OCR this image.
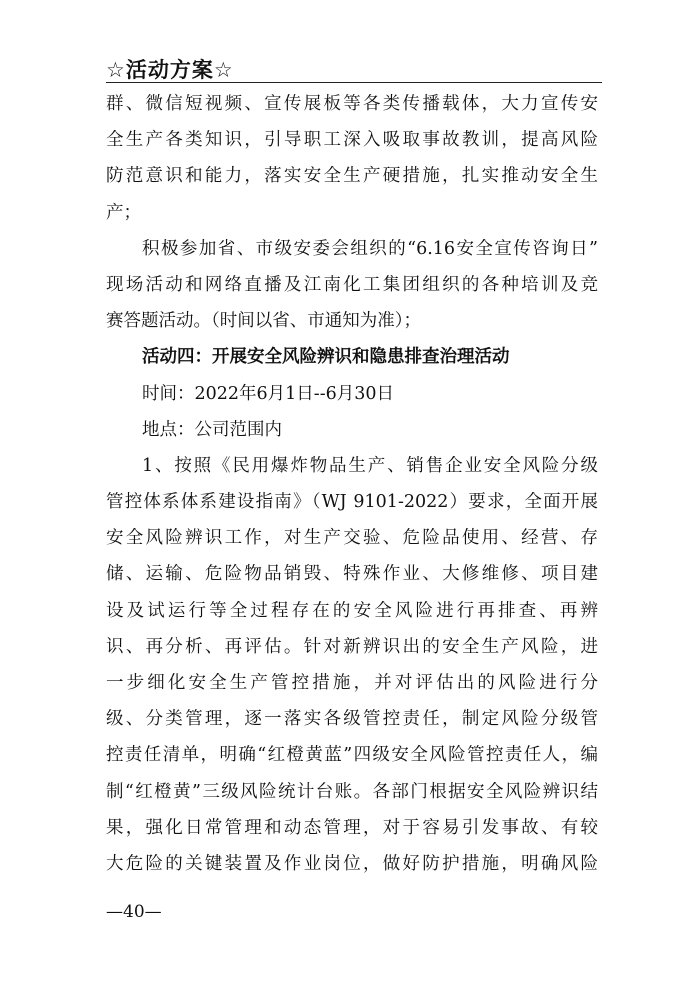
☆活动方案☆
群、微信短视频、宣传展板等各类传播载体，大力宣传安
全生产各类知识，引导职工深入吸取事故教训，提高风险
防范意识和能力，落实安全生产硬措施，扎实推动安全生
产；
积极参加省、市级安委会组织的“6.16安全宣传咨询日”
现场活动和网络直播及江南化工集团组织的各种培训及竞
赛答题活动。（时间以省、市通知为准）；
活动四：开展安全风险辨识和隐患排查治理活动
时间：2022年6月1日--6月30日
地点：公司范围内
1、按照《民用爆炸物品生产、销售企业安全风险分级
管控体系体系建设指南》（WJ 9101-2022）要求，全面开展
安全风险辨识工作，对生产交验、危险品使用、经营、存
储、运输、危险物品销毁、特殊作业、大修维修、项目建
设及试运行等全过程存在的安全风险进行再排查、再辨
识、再分析、再评估。针对新辨识出的安全生产风险，进
一步细化安全生产管控措施，并对评估出的风险进行分
级、分类管理，逐一落实各级管控责任，制定风险分级管
控责任清单，明确“红橙黄蓝”四级安全风险管控责任人，编
制“红橙黄”三级风险统计台账。各部门根据安全风险辨识结
果，强化日常管理和动态管理，对于容易引发事故、有较
大危险的关键装置及作业岗位，做好防护措施，明确风险
—40—
